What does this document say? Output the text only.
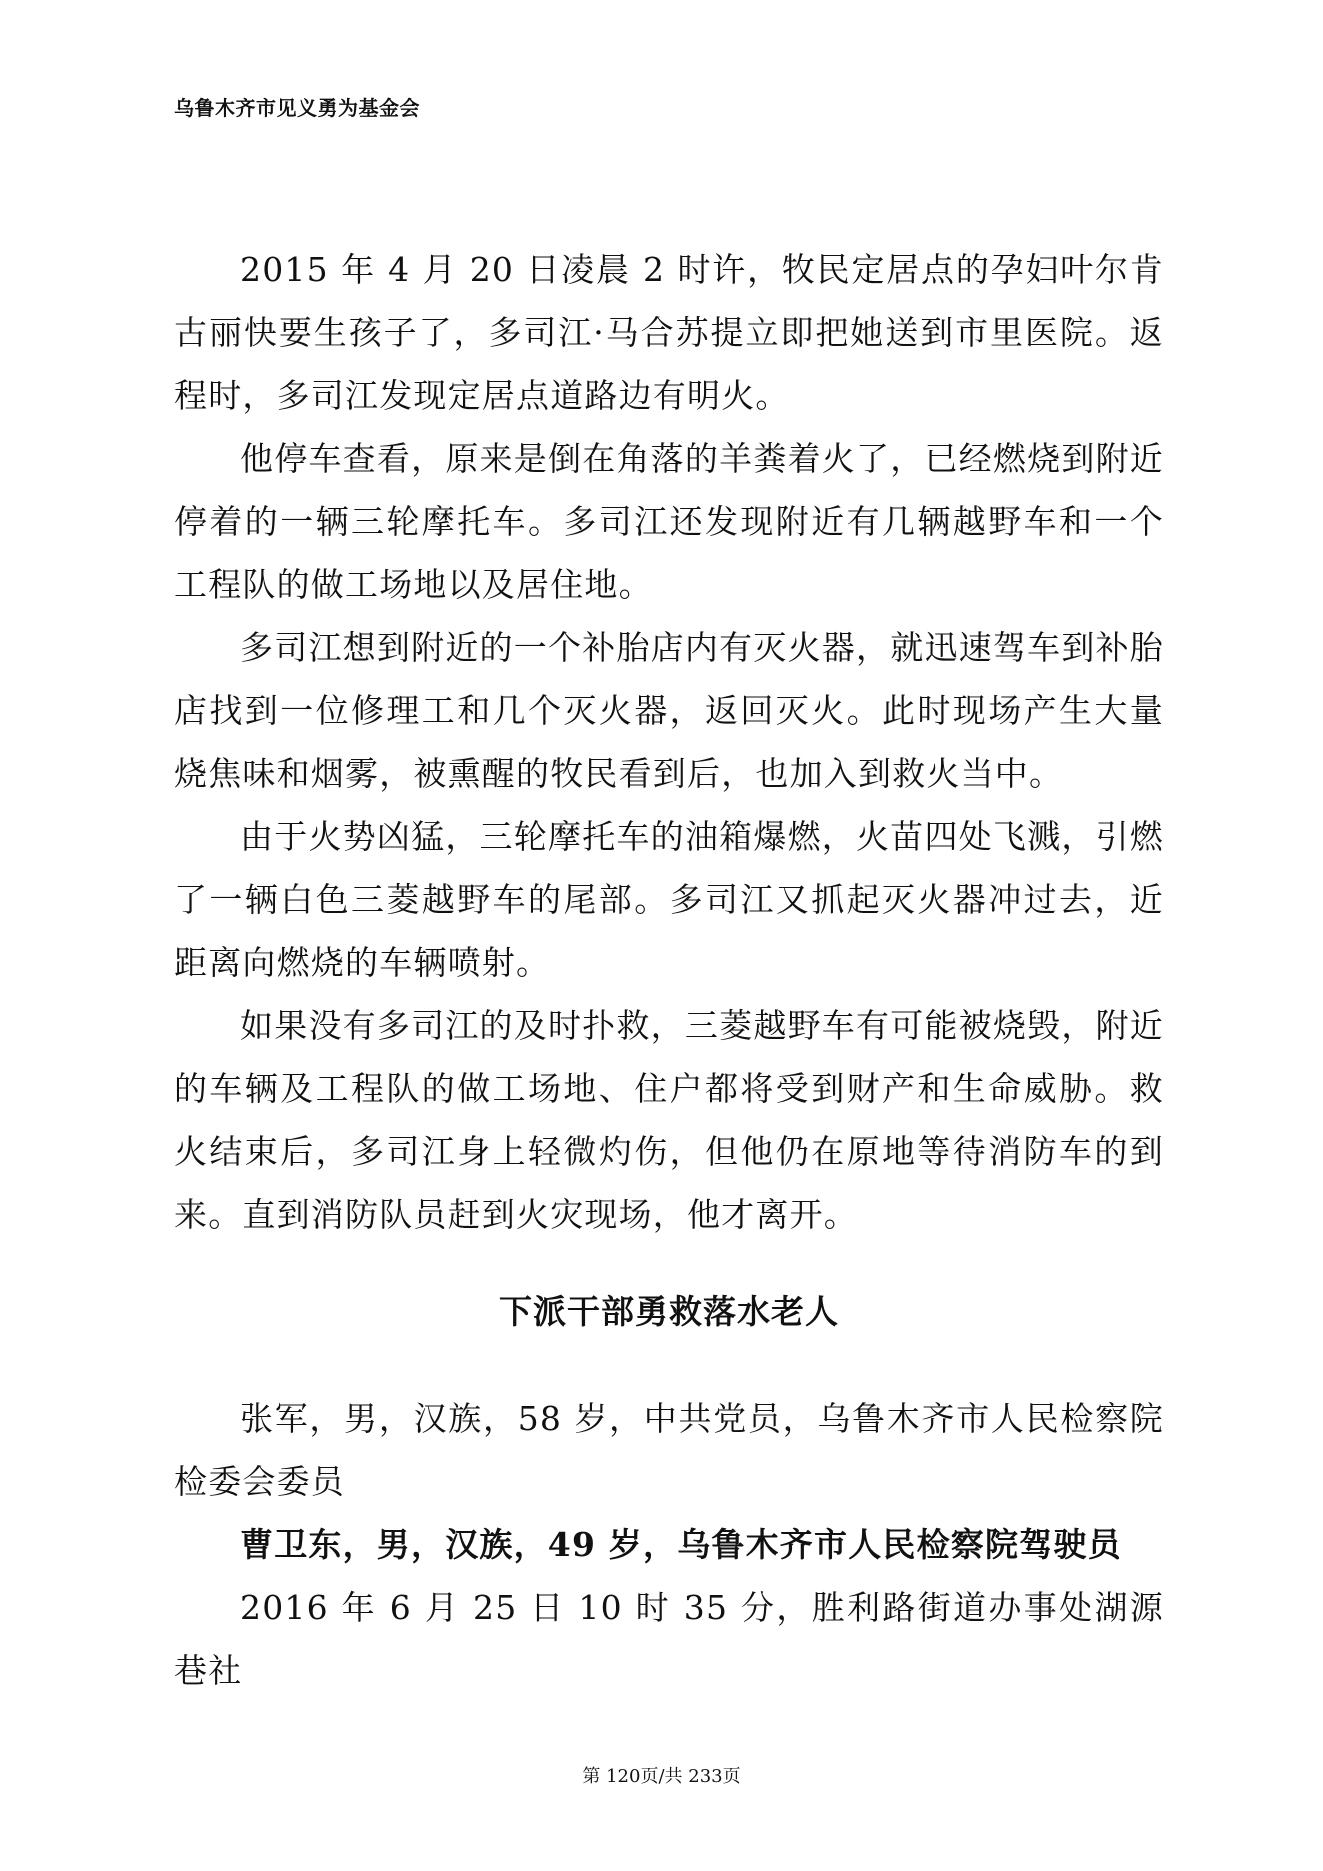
乌鲁木齐市见义勇为基金会

2015 年 4 月 20 日凌晨 2 时许，牧民定居点的孕妇叶尔肯古丽快要生孩子了，多司江·马合苏提立即把她送到市里医院。返程时，多司江发现定居点道路边有明火。

他停车查看，原来是倒在角落的羊粪着火了，已经燃烧到附近停着的一辆三轮摩托车。多司江还发现附近有几辆越野车和一个工程队的做工场地以及居住地。

多司江想到附近的一个补胎店内有灭火器，就迅速驾车到补胎店找到一位修理工和几个灭火器，返回灭火。此时现场产生大量烧焦味和烟雾，被熏醒的牧民看到后，也加入到救火当中。

由于火势凶猛，三轮摩托车的油箱爆燃，火苗四处飞溅，引燃了一辆白色三菱越野车的尾部。多司江又抓起灭火器冲过去，近距离向燃烧的车辆喷射。

如果没有多司江的及时扑救，三菱越野车有可能被烧毁，附近的车辆及工程队的做工场地、住户都将受到财产和生命威胁。救火结束后，多司江身上轻微灼伤，但他仍在原地等待消防车的到来。直到消防队员赶到火灾现场，他才离开。

下派干部勇救落水老人

张军，男，汉族，58 岁，中共党员，乌鲁木齐市人民检察院检委会委员

曹卫东，男，汉族，49 岁，乌鲁木齐市人民检察院驾驶员

2016 年 6 月 25 日 10 时 35 分，胜利路街道办事处湖源巷社

第 120页/共 233页
